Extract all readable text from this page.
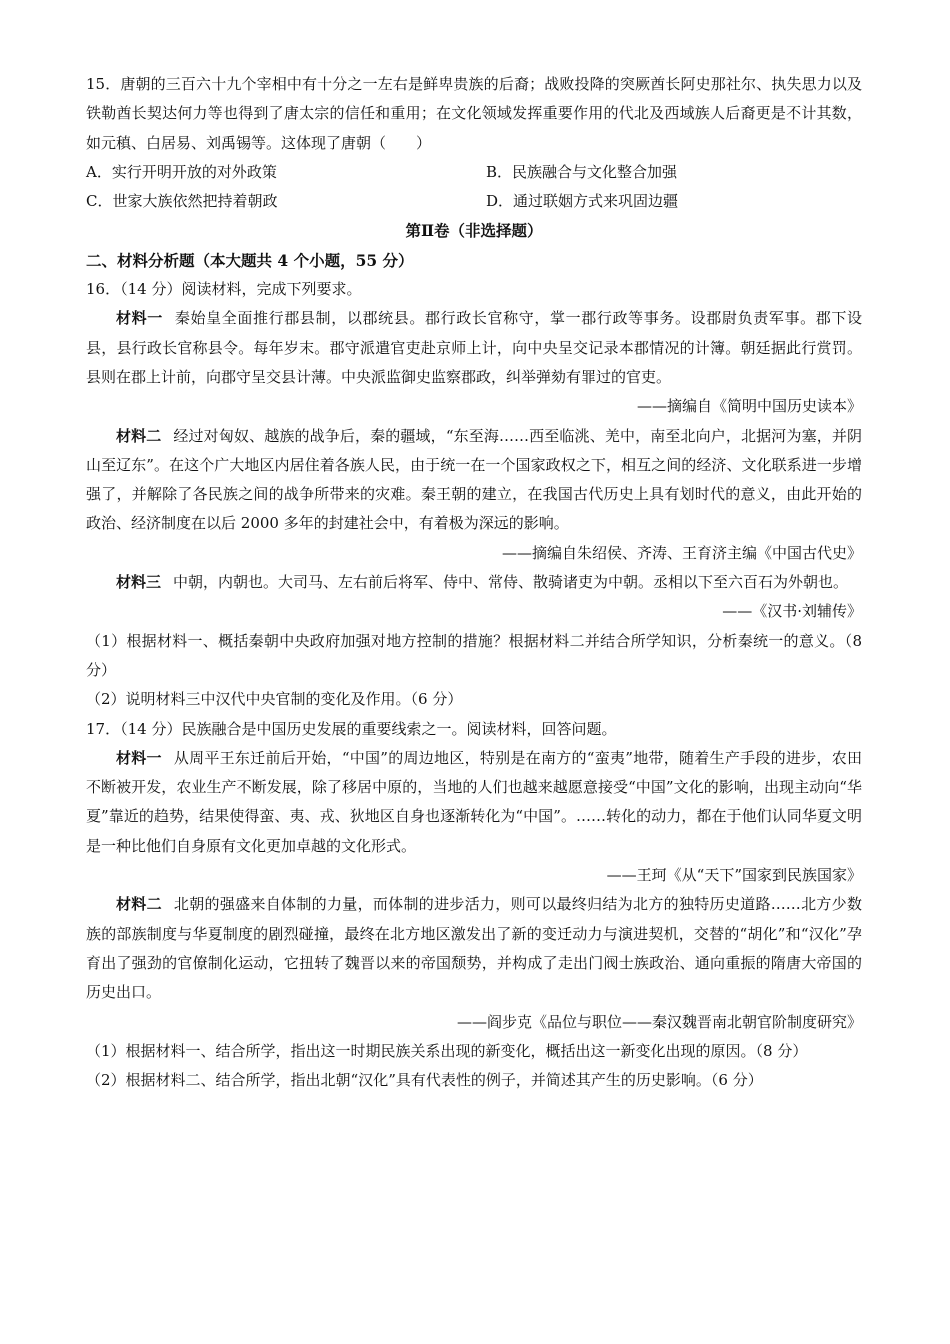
15．唐朝的三百六十九个宰相中有十分之一左右是鲜卑贵族的后裔；战败投降的突厥酋长阿史那社尔、执失思力以及铁勒酋长契达何力等也得到了唐太宗的信任和重用；在文化领域发挥重要作用的代北及西域族人后裔更是不计其数，如元稹、白居易、刘禹锡等。这体现了唐朝（　　）

A．实行开明开放的对外政策	B．民族融合与文化整合加强
C．世家大族依然把持着朝政	D．通过联姻方式来巩固边疆
第Ⅱ卷（非选择题）
二、材料分析题（本大题共 4 个小题，55 分）

16．（14 分）阅读材料，完成下列要求。

材料一 秦始皇全面推行郡县制，以郡统县。郡行政长官称守，掌一郡行政等事务。设郡尉负责军事。郡下设县，县行政长官称县令。每年岁末。郡守派遣官吏赴京师上计，向中央呈交记录本郡情况的计簿。朝廷据此行赏罚。县则在郡上计前，向郡守呈交县计薄。中央派监御史监察郡政，纠举弹劾有罪过的官吏。

——摘编自《简明中国历史读本》

材料二 经过对匈奴、越族的战争后，秦的疆域，“东至海……西至临洮、羌中，南至北向户，北据河为塞，并阴山至辽东”。在这个广大地区内居住着各族人民，由于统一在一个国家政权之下，相互之间的经济、文化联系进一步增强了，并解除了各民族之间的战争所带来的灾难。秦王朝的建立，在我国古代历史上具有划时代的意义，由此开始的政治、经济制度在以后 2000 多年的封建社会中，有着极为深远的影响。

——摘编自朱绍侯、齐涛、王育济主编《中国古代史》

材料三 中朝，内朝也。大司马、左右前后将军、侍中、常侍、散骑诸吏为中朝。丞相以下至六百石为外朝也。

——《汉书·刘辅传》

（1）根据材料一、概括秦朝中央政府加强对地方控制的措施？根据材料二并结合所学知识，分析秦统一的意义。（8 分）

（2）说明材料三中汉代中央官制的变化及作用。（6 分）

17．（14 分）民族融合是中国历史发展的重要线索之一。阅读材料，回答问题。

材料一 从周平王东迁前后开始，“中国”的周边地区，特别是在南方的“蛮夷”地带，随着生产手段的进步，农田不断被开发，农业生产不断发展，除了移居中原的，当地的人们也越来越愿意接受“中国”文化的影响，出现主动向“华夏”靠近的趋势，结果使得蛮、夷、戎、狄地区自身也逐渐转化为“中国”。……转化的动力，都在于他们认同华夏文明是一种比他们自身原有文化更加卓越的文化形式。

——王珂《从“天下”国家到民族国家》

材料二 北朝的强盛来自体制的力量，而体制的进步活力，则可以最终归结为北方的独特历史道路……北方少数族的部族制度与华夏制度的剧烈碰撞，最终在北方地区激发出了新的变迁动力与演进契机，交替的“胡化”和“汉化”孕育出了强劲的官僚制化运动，它扭转了魏晋以来的帝国颓势，并构成了走出门阀士族政治、通向重振的隋唐大帝国的历史出口。

——阎步克《品位与职位——秦汉魏晋南北朝官阶制度研究》

（1）根据材料一、结合所学，指出这一时期民族关系出现的新变化，概括出这一新变化出现的原因。（8 分）

（2）根据材料二、结合所学，指出北朝“汉化”具有代表性的例子，并简述其产生的历史影响。（6 分）
